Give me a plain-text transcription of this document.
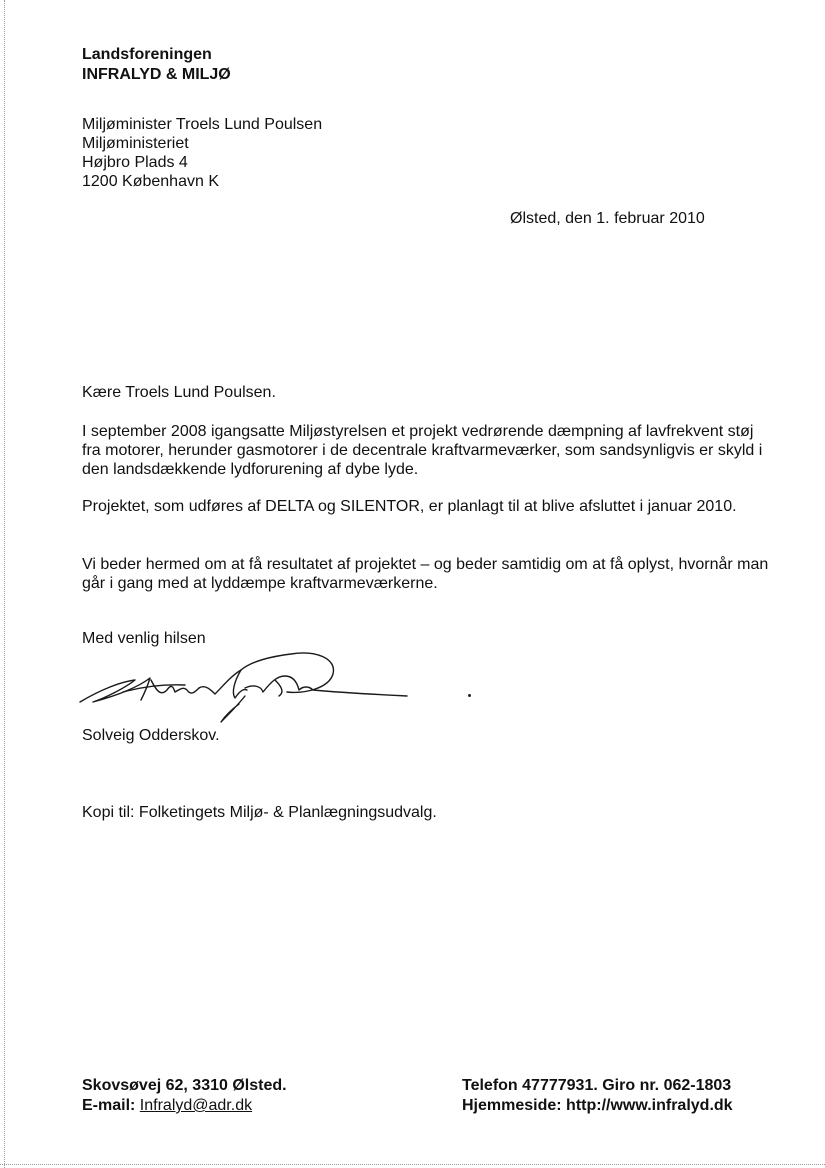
Landsforeningen
INFRALYD & MILJØ
Miljøminister Troels Lund Poulsen
Miljøministeriet
Højbro Plads 4
1200 København K
Ølsted, den 1. februar 2010
Kære Troels Lund Poulsen.
I september 2008 igangsatte Miljøstyrelsen et projekt vedrørende dæmpning af lavfrekvent støj fra motorer, herunder gasmotorer i de decentrale kraftvarmeværker, som sandsynligvis er skyld i den landsdækkende lydforurening af dybe lyde.
Projektet, som udføres af DELTA og SILENTOR, er planlagt til at blive afsluttet i januar 2010.
Vi beder hermed om at få resultatet af projektet – og beder samtidig om at få oplyst, hvornår man går i gang med at lyddæmpe kraftvarmeværkerne.
Med venlig hilsen
Solveig Odderskov.
Kopi til: Folketingets Miljø- & Planlægningsudvalg.
Skovsøvej 62, 3310 Ølsted.
E-mail: Infralyd@adr.dk
Telefon 47777931. Giro nr. 062-1803
Hjemmeside: http://www.infralyd.dk
